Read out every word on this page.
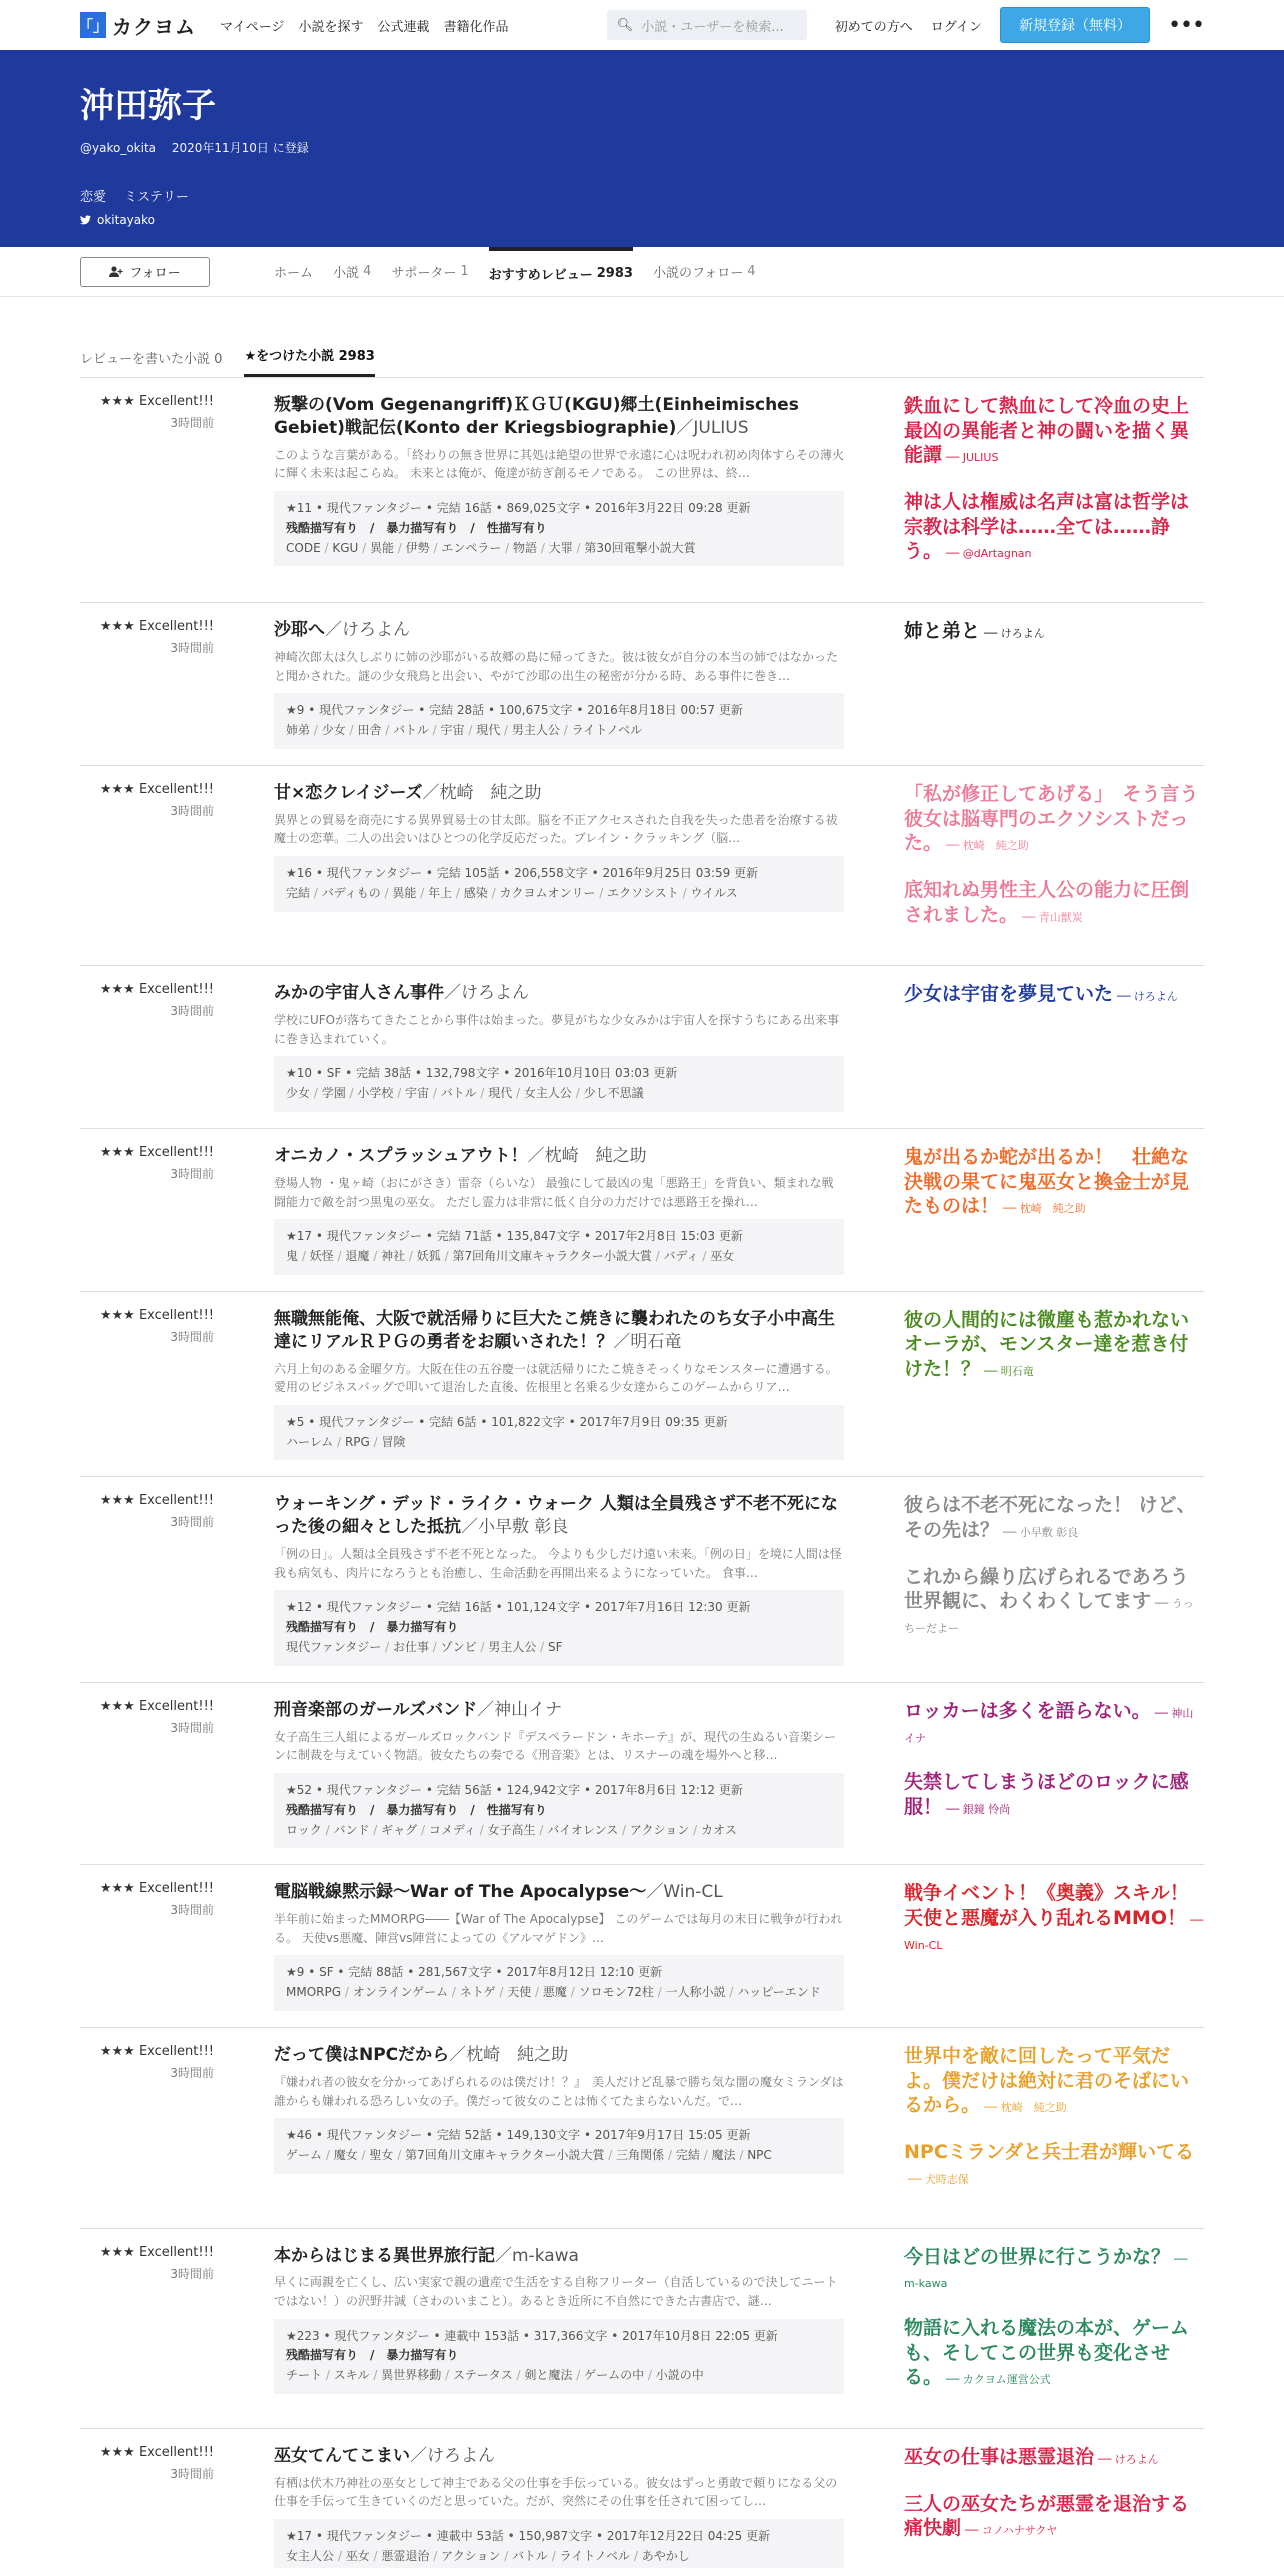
「」 カクヨム マイページ 小説を探す 公式連載 書籍化作品	🔍︎ 小説・ユーザーを検索...	初めての方へ ログイン	新規登録（無料）	•••
沖田弥子
@yako_okita 2020年11月10日 に登録
恋愛 ミステリー
okitayako
フォロー	ホーム 小説 4 サポーター 1 おすすめレビュー 2983 小説のフォロー 4
レビューを書いた小説 0 ★をつけた小説 2983
★★★ Excellent!!!
3時間前
叛撃の(Vom Gegenangriff)ＫＧＵ(KGU)郷土(Einheimisches Gebiet)戦記伝(Konto der Kriegsbiographie)／JULIUS
このような言葉がある。「終わりの無き世界に其処は絶望の世界で永遠に心は呪われ初め肉体すらその薄火に輝く未来は起こらぬ。 未来とは俺が、俺達が紡ぎ創るモノである。 この世界は、終…
★11 • 現代ファンタジー • 完結 16話 • 869,025文字 • 2016年3月22日 09:28 更新
残酷描写有り　/　暴力描写有り　/　性描写有り
CODE / KGU / 異能 / 伊勢 / エンペラー / 物語 / 大罪 / 第30回電撃小説大賞
鉄血にして熱血にして冷血の史上最凶の異能者と神の闘いを描く異能譚 ── JULIUS
神は人は権威は名声は富は哲学は宗教は科学は……全ては……諍う。 ── @dArtagnan
★★★ Excellent!!!
3時間前
沙耶へ／けろよん
神崎次郎太は久しぶりに姉の沙耶がいる故郷の島に帰ってきた。彼は彼女が自分の本当の姉ではなかったと聞かされた。謎の少女飛鳥と出会い、やがて沙耶の出生の秘密が分かる時、ある事件に巻き…
★9 • 現代ファンタジー • 完結 28話 • 100,675文字 • 2016年8月18日 00:57 更新
姉弟 / 少女 / 田舎 / バトル / 宇宙 / 現代 / 男主人公 / ライトノベル
姉と弟と ── けろよん
★★★ Excellent!!!
3時間前
甘×恋クレイジーズ／枕崎　純之助
異界との貿易を商売にする異界貿易士の甘太郎。脳を不正アクセスされた自我を失った患者を治療する祓魔士の恋華。二人の出会いはひとつの化学反応だった。ブレイン・クラッキング（脳…
★16 • 現代ファンタジー • 完結 105話 • 206,558文字 • 2016年9月25日 03:59 更新
完結 / バディもの / 異能 / 年上 / 感染 / カクヨムオンリー / エクソシスト / ウイルス
「私が修正してあげる」　そう言う彼女は脳専門のエクソシストだった。 ── 枕崎　純之助
底知れぬ男性主人公の能力に圧倒されました。 ── 青山獣炭
★★★ Excellent!!!
3時間前
みかの宇宙人さん事件／けろよん
学校にUFOが落ちてきたことから事件は始まった。夢見がちな少女みかは宇宙人を探すうちにある出来事に巻き込まれていく。
★10 • SF • 完結 38話 • 132,798文字 • 2016年10月10日 03:03 更新
少女 / 学園 / 小学校 / 宇宙 / バトル / 現代 / 女主人公 / 少し不思議
少女は宇宙を夢見ていた ── けろよん
★★★ Excellent!!!
3時間前
オニカノ・スプラッシュアウト！／枕崎　純之助
登場人物 ・鬼ヶ崎（おにがさき）雷奈（らいな） 最強にして最凶の鬼「悪路王」を背負い、類まれな戦闘能力で敵を討つ黒鬼の巫女。 ただし霊力は非常に低く自分の力だけでは悪路王を操れ…
★17 • 現代ファンタジー • 完結 71話 • 135,847文字 • 2017年2月8日 15:03 更新
鬼 / 妖怪 / 退魔 / 神社 / 妖狐 / 第7回角川文庫キャラクター小説大賞 / バディ / 巫女
鬼が出るか蛇が出るか！　壮絶な決戦の果てに鬼巫女と換金士が見たものは！ ── 枕崎　純之助
★★★ Excellent!!!
3時間前
無職無能俺、大阪で就活帰りに巨大たこ焼きに襲われたのち女子小中高生達にリアルＲＰＧの勇者をお願いされた！？／明石竜
六月上旬のある金曜夕方。大阪在住の五谷慶一は就活帰りにたこ焼きそっくりなモンスターに遭遇する。愛用のビジネスバッグで叩いて退治した直後、佐根里と名乗る少女達からこのゲームからリア…
★5 • 現代ファンタジー • 完結 6話 • 101,822文字 • 2017年7月9日 09:35 更新
ハーレム / RPG / 冒険
彼の人間的には微塵も惹かれないオーラが、モンスター達を惹き付けた！？ ── 明石竜
★★★ Excellent!!!
3時間前
ウォーキング・デッド・ライク・ウォーク 人類は全員残さず不老不死になった後の細々とした抵抗／小早敷 彰良
「例の日」。人類は全員残さず不老不死となった。 今よりも少しだけ遠い未来。「例の日」を境に人間は怪我も病気も、肉片になろうとも治癒し、生命活動を再開出来るようになっていた。 食事…
★12 • 現代ファンタジー • 完結 16話 • 101,124文字 • 2017年7月16日 12:30 更新
残酷描写有り　/　暴力描写有り
現代ファンタジー / お仕事 / ゾンビ / 男主人公 / SF
彼らは不老不死になった！ けど、その先は？ ── 小早敷 彰良
これから繰り広げられるであろう世界観に、わくわくしてます ── うっちーだよー
★★★ Excellent!!!
3時間前
刑音楽部のガールズバンド／神山イナ
女子高生三人組によるガールズロックバンド『デスペラードン・キホーテ』が、現代の生ぬるい音楽シーンに制裁を与えていく物語。彼女たちの奏でる《刑音楽》とは、リスナーの魂を場外へと移…
★52 • 現代ファンタジー • 完結 56話 • 124,942文字 • 2017年8月6日 12:12 更新
残酷描写有り　/　暴力描写有り　/　性描写有り
ロック / バンド / ギャグ / コメディ / 女子高生 / バイオレンス / アクション / カオス
ロッカーは多くを語らない。 ── 神山イナ
失禁してしまうほどのロックに感服！ ── 銀鏡 怜尚
★★★ Excellent!!!
3時間前
電脳戦線黙示録～War of The Apocalypse～／Win-CL
半年前に始まったMMORPG――【War of The Apocalypse】 このゲームでは毎月の末日に戦争が行われる。 天使vs悪魔、陣営vs陣営によっての《アルマゲドン》…
★9 • SF • 完結 88話 • 281,567文字 • 2017年8月12日 12:10 更新
MMORPG / オンラインゲーム / ネトゲ / 天使 / 悪魔 / ソロモン72柱 / 一人称小説 / ハッピーエンド
戦争イベント！《奥義》スキル！天使と悪魔が入り乱れるMMO！ ── Win-CL
★★★ Excellent!!!
3時間前
だって僕はNPCだから／枕崎　純之助
『嫌われ者の彼女を分かってあげられるのは僕だけ！？』　美人だけど乱暴で勝ち気な闇の魔女ミランダは誰からも嫌われる恐ろしい女の子。僕だって彼女のことは怖くてたまらないんだ。で…
★46 • 現代ファンタジー • 完結 52話 • 149,130文字 • 2017年9月17日 15:05 更新
ゲーム / 魔女 / 聖女 / 第7回角川文庫キャラクター小説大賞 / 三角関係 / 完結 / 魔法 / NPC
世界中を敵に回したって平気だよ。僕だけは絶対に君のそばにいるから。 ── 枕崎　純之助
NPCミランダと兵士君が輝いてる── 犬時志保
★★★ Excellent!!!
3時間前
本からはじまる異世界旅行記／m-kawa
早くに両親を亡くし、広い実家で親の遺産で生活をする自称フリーター（自活しているので決してニートではない！）の沢野井誠（さわのいまこと）。あるとき近所に不自然にできた古書店で、謎…
★223 • 現代ファンタジー • 連載中 153話 • 317,366文字 • 2017年10月8日 22:05 更新
残酷描写有り　/　暴力描写有り
チート / スキル / 異世界移動 / ステータス / 剣と魔法 / ゲームの中 / 小説の中
今日はどの世界に行こうかな？ ── m-kawa
物語に入れる魔法の本が、ゲームも、そしてこの世界も変化させる。 ── カクヨム運営公式
★★★ Excellent!!!
3時間前
巫女てんてこまい／けろよん
有栖は伏木乃神社の巫女として神主である父の仕事を手伝っている。彼女はずっと勇敢で頼りになる父の仕事を手伝って生きていくのだと思っていた。だが、突然にその仕事を任されて困ってし…
★17 • 現代ファンタジー • 連載中 53話 • 150,987文字 • 2017年12月22日 04:25 更新
女主人公 / 巫女 / 悪霊退治 / アクション / バトル / ライトノベル / あやかし
巫女の仕事は悪霊退治 ── けろよん
三人の巫女たちが悪霊を退治する痛快劇 ── コノハナサクヤ
